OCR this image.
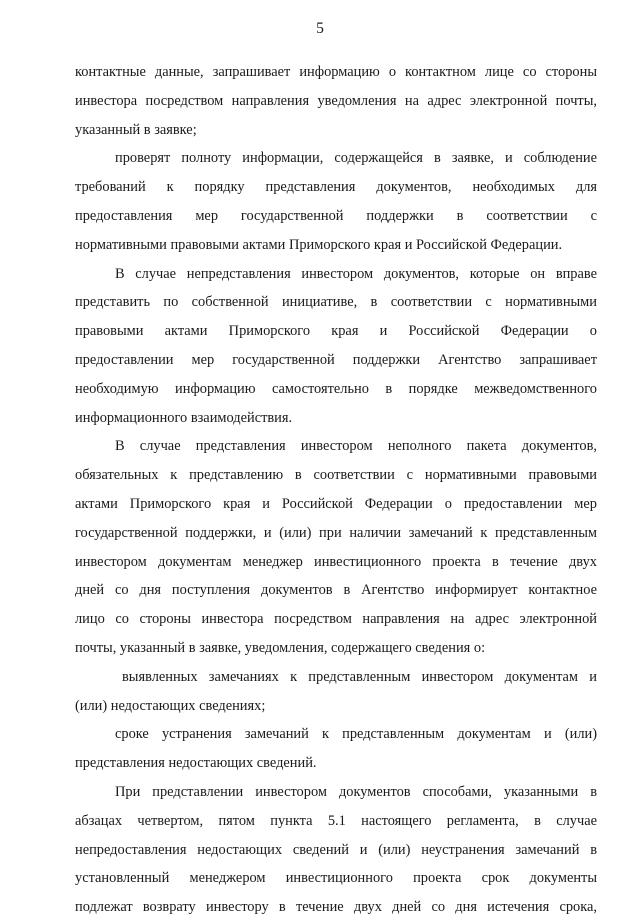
5
контактные данные, запрашивает информацию о контактном лице со стороны
инвестора посредством направления уведомления на адрес электронной почты,
указанный в заявке;
проверят полноту информации, содержащейся в заявке, и соблюдение
требований к порядку представления документов, необходимых для
предоставления мер государственной поддержки в соответствии с
нормативными правовыми актами Приморского края и Российской Федерации.
В случае непредставления инвестором документов, которые он вправе
представить по собственной инициативе, в соответствии с нормативными
правовыми актами Приморского края и Российской Федерации о
предоставлении мер государственной поддержки Агентство запрашивает
необходимую информацию самостоятельно в порядке межведомственного
информационного взаимодействия.
В случае представления инвестором неполного пакета документов,
обязательных к представлению в соответствии с нормативными правовыми
актами Приморского края и Российской Федерации о предоставлении мер
государственной поддержки, и (или) при наличии замечаний к представленным
инвестором документам менеджер инвестиционного проекта в течение двух
дней со дня поступления документов в Агентство информирует контактное
лицо со стороны инвестора посредством направления на адрес электронной
почты, указанный в заявке, уведомления, содержащего сведения о:
выявленных замечаниях к представленным инвестором документам и
(или) недостающих сведениях;
сроке устранения замечаний к представленным документам и (или)
представления недостающих сведений.
При представлении инвестором документов способами, указанными в
абзацах четвертом, пятом пункта 5.1 настоящего регламента, в случае
непредоставления недостающих сведений и (или) неустранения замечаний в
установленный менеджером инвестиционного проекта срок документы
подлежат возврату инвестору в течение двух дней со дня истечения срока,
